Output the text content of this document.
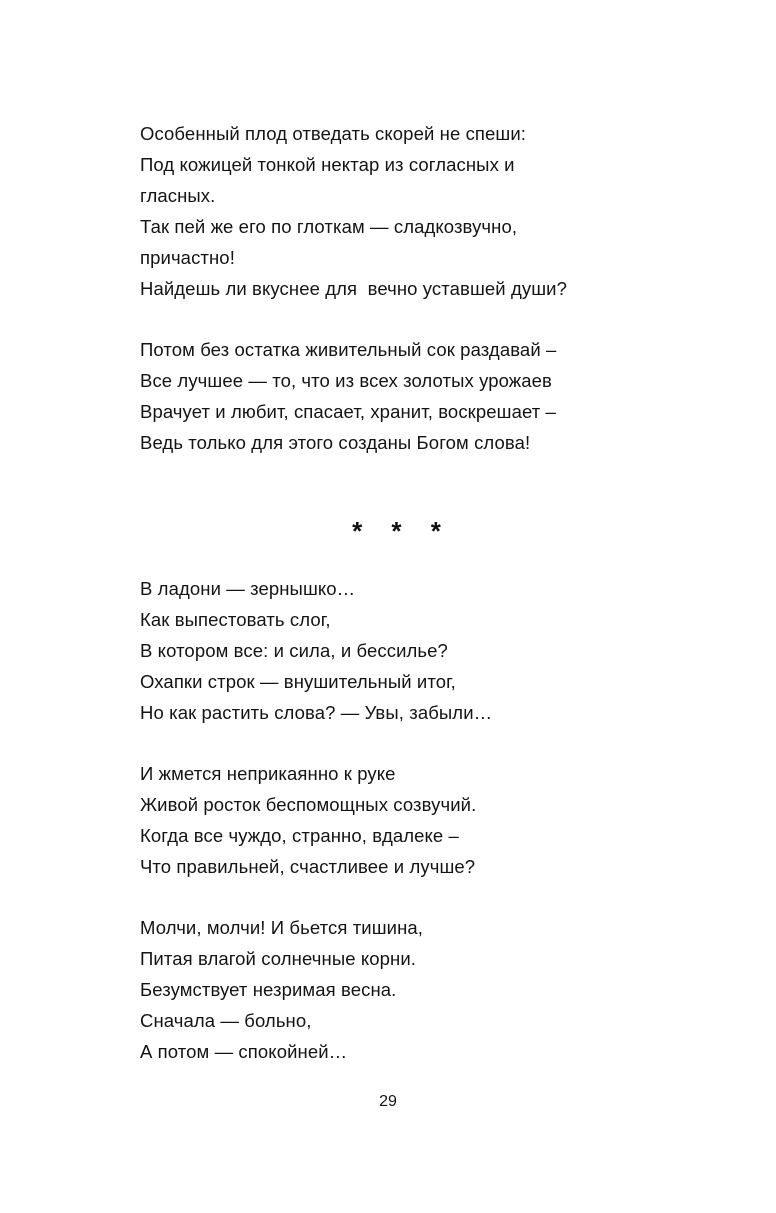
Особенный плод отведать скорей не спеши:
Под кожицей тонкой нектар из согласных и
гласных.
Так пей же его по глоткам — сладкозвучно,
причастно!
Найдешь ли вкуснее для  вечно уставшей души?
Потом без остатка живительный сок раздавай –
Все лучшее — то, что из всех золотых урожаев
Врачует и любит, спасает, хранит, воскрешает –
Ведь только для этого созданы Богом слова!
* * *
В ладони — зернышко…
Как выпестовать слог,
В котором все: и сила, и бессилье?
Охапки строк — внушительный итог,
Но как растить слова? — Увы, забыли…
И жмется неприкаянно к руке
Живой росток беспомощных созвучий.
Когда все чуждо, странно, вдалеке –
Что правильней, счастливее и лучше?
Молчи, молчи! И бьется тишина,
Питая влагой солнечные корни.
Безумствует незримая весна.
Сначала — больно,
А потом — спокойней…
29
